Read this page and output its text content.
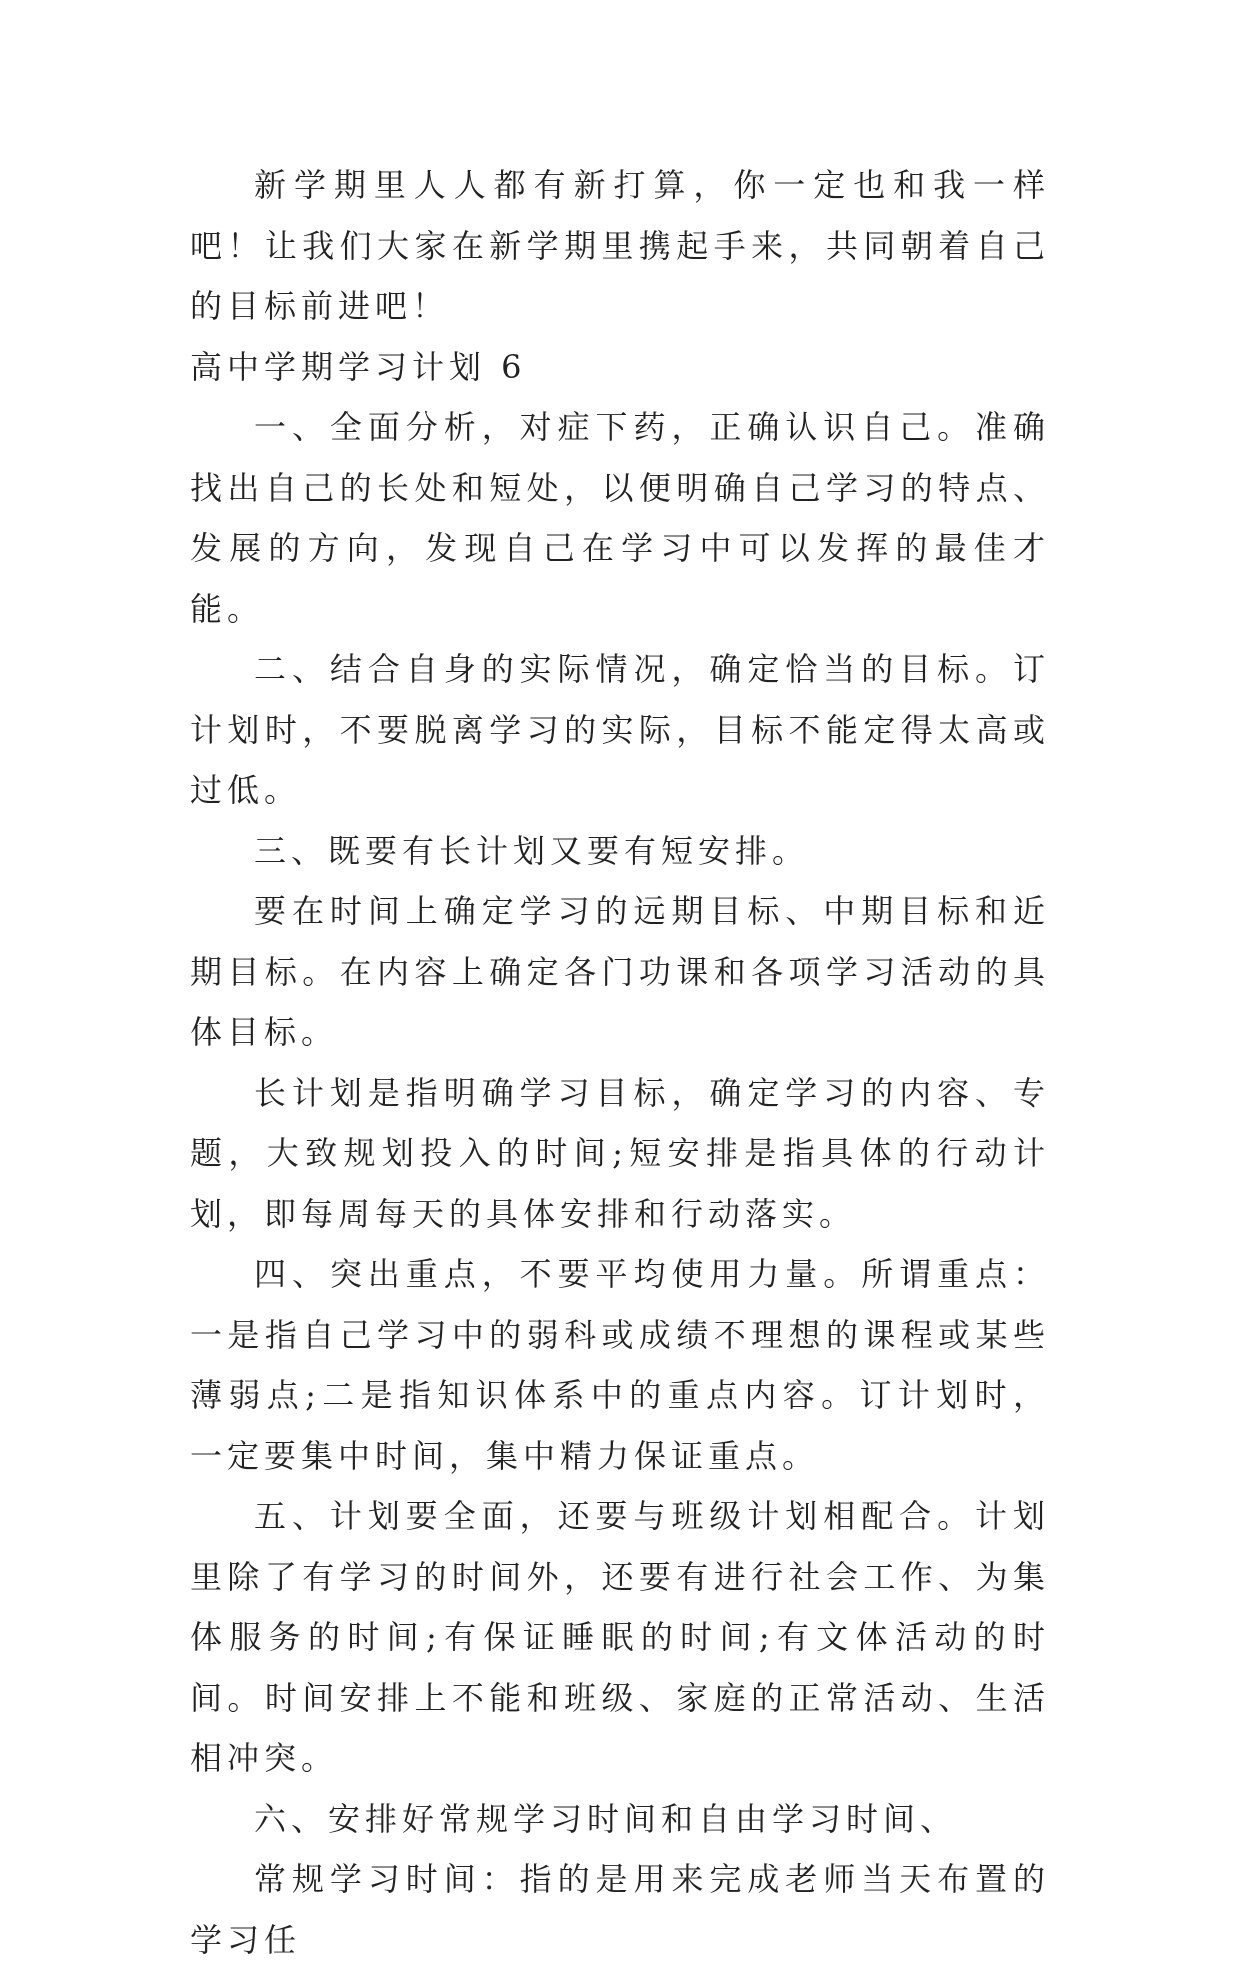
新学期里人人都有新打算，你一定也和我一样吧！让我们大家在新学期里携起手来，共同朝着自己的目标前进吧！

高中学期学习计划 6

一、全面分析，对症下药，正确认识自己。准确找出自己的长处和短处，以便明确自己学习的特点、发展的方向，发现自己在学习中可以发挥的最佳才能。

二、结合自身的实际情况，确定恰当的目标。订计划时，不要脱离学习的实际，目标不能定得太高或过低。

三、既要有长计划又要有短安排。

要在时间上确定学习的远期目标、中期目标和近期目标。在内容上确定各门功课和各项学习活动的具体目标。

长计划是指明确学习目标，确定学习的内容、专题，大致规划投入的时间;短安排是指具体的行动计划，即每周每天的具体安排和行动落实。

四、突出重点，不要平均使用力量。所谓重点：一是指自己学习中的弱科或成绩不理想的课程或某些薄弱点;二是指知识体系中的重点内容。订计划时，一定要集中时间，集中精力保证重点。

五、计划要全面，还要与班级计划相配合。计划里除了有学习的时间外，还要有进行社会工作、为集体服务的时间;有保证睡眠的时间;有文体活动的时间。时间安排上不能和班级、家庭的正常活动、生活相冲突。

六、安排好常规学习时间和自由学习时间、

常规学习时间：指的是用来完成老师当天布置的学习任
